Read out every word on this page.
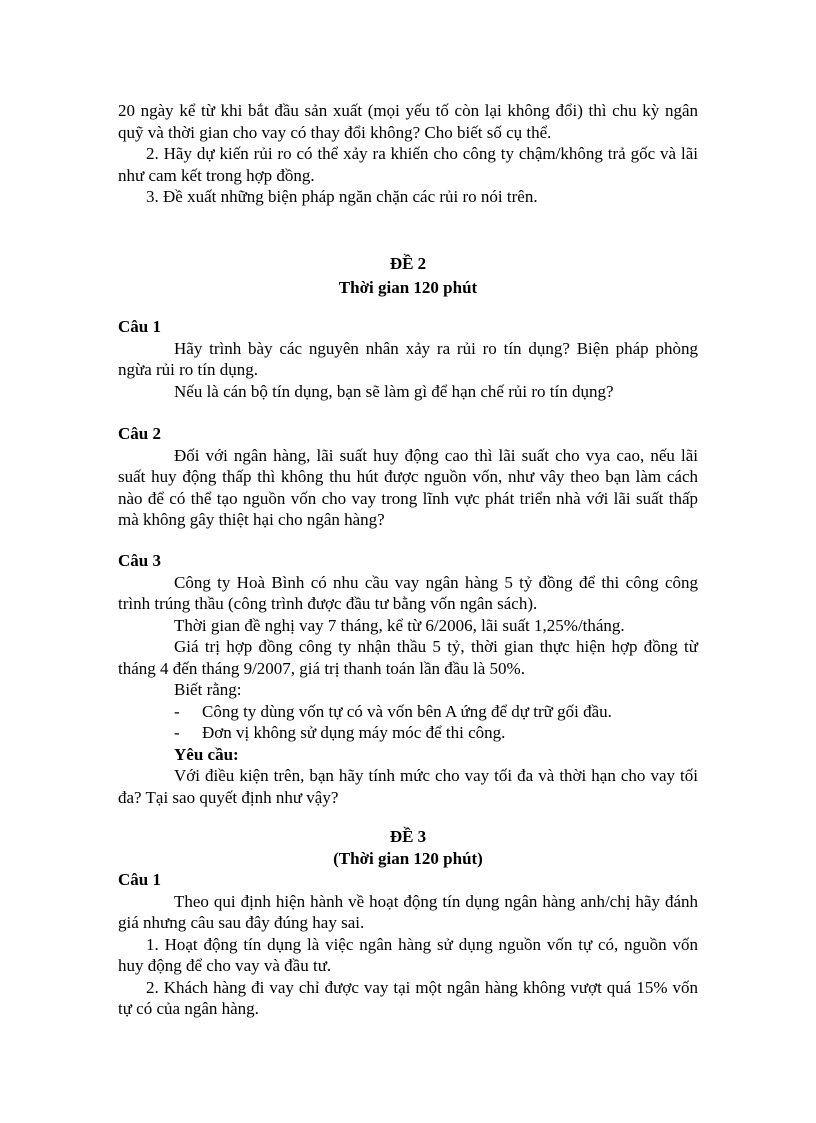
20 ngày kể từ khi bắt đầu sản xuất (mọi yếu tố còn lại không đổi) thì chu kỳ ngân quỹ và thời gian cho vay có thay đổi không? Cho biết số cụ thể.

2. Hãy dự kiến rủi ro có thể xảy ra khiến cho công ty chậm/không trả gốc và lãi như cam kết trong hợp đồng.

3. Đề xuất những biện pháp ngăn chặn các rủi ro nói trên.

ĐỀ 2

Thời gian 120 phút

Câu 1

Hãy trình bày các nguyên nhân xảy ra rủi ro tín dụng? Biện pháp phòng ngừa rủi ro tín dụng.

Nếu là cán bộ tín dụng, bạn sẽ làm gì để hạn chế rủi ro tín dụng?

Câu 2

Đối với ngân hàng, lãi suất huy động cao thì lãi suất cho vya cao, nếu lãi suất huy động thấp thì không thu hút được nguồn vốn, như vây theo bạn làm cách nào để có thể tạo nguồn vốn cho vay trong lĩnh vực phát triển nhà với lãi suất thấp mà không gây thiệt hại cho ngân hàng?

Câu 3

Công ty Hoà Bình có nhu cầu vay ngân hàng 5 tỷ đồng để thi công công trình trúng thầu (công trình được đầu tư bằng vốn ngân sách).

Thời gian đề nghị vay 7 tháng, kể từ 6/2006, lãi suất 1,25%/tháng.

Giá trị hợp đồng công ty nhận thầu 5 tỷ, thời gian thực hiện hợp đồng từ tháng 4 đến tháng 9/2007, giá trị thanh toán lần đầu là 50%.

Biết rằng:

-	Công ty dùng vốn tự có và vốn bên A ứng để dự trữ gối đầu.

-	Đơn vị không sử dụng máy móc để thi công.

Yêu cầu:

Với điều kiện trên, bạn hãy tính mức cho vay tối đa và thời hạn cho vay tối đa? Tại sao quyết định như vậy?

ĐỀ 3

(Thời gian 120 phút)

Câu 1

Theo qui định hiện hành về hoạt động tín dụng ngân hàng anh/chị hãy đánh giá nhưng câu sau đây đúng hay sai.

1. Hoạt động tín dụng là việc ngân hàng sử dụng nguồn vốn tự có, nguồn vốn huy động để cho vay và đầu tư.

2. Khách hàng đi vay chỉ được vay tại một ngân hàng không vượt quá 15% vốn tự có của ngân hàng.
